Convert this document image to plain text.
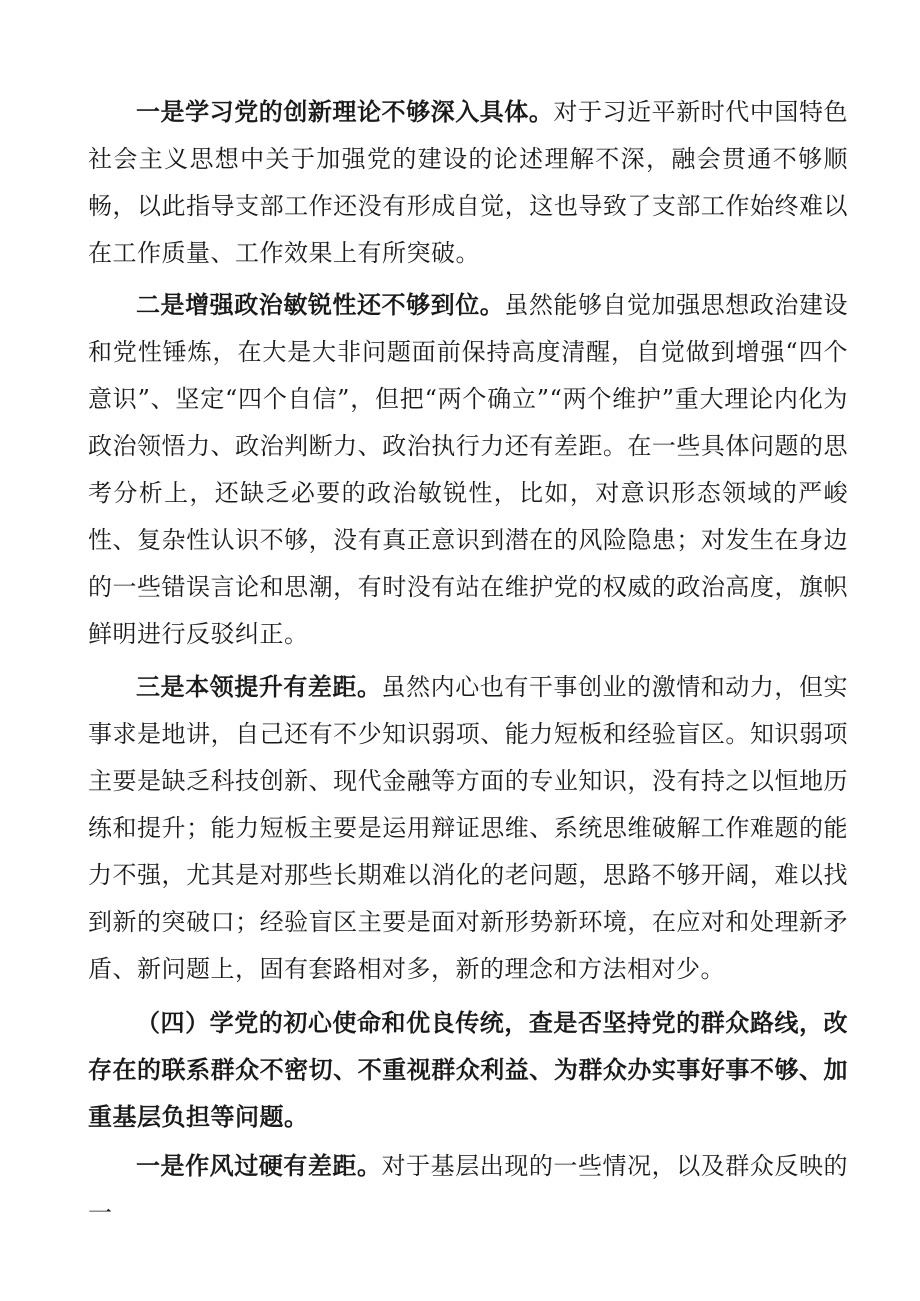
一是学习党的创新理论不够深入具体。对于习近平新时代中国特色社会主义思想中关于加强党的建设的论述理解不深，融会贯通不够顺畅，以此指导支部工作还没有形成自觉，这也导致了支部工作始终难以在工作质量、工作效果上有所突破。

二是增强政治敏锐性还不够到位。虽然能够自觉加强思想政治建设和党性锤炼，在大是大非问题面前保持高度清醒，自觉做到增强“四个意识”、坚定“四个自信”，但把“两个确立”“两个维护”重大理论内化为政治领悟力、政治判断力、政治执行力还有差距。在一些具体问题的思考分析上，还缺乏必要的政治敏锐性，比如，对意识形态领域的严峻性、复杂性认识不够，没有真正意识到潜在的风险隐患；对发生在身边的一些错误言论和思潮，有时没有站在维护党的权威的政治高度，旗帜鲜明进行反驳纠正。

三是本领提升有差距。虽然内心也有干事创业的激情和动力，但实事求是地讲，自己还有不少知识弱项、能力短板和经验盲区。知识弱项主要是缺乏科技创新、现代金融等方面的专业知识，没有持之以恒地历练和提升；能力短板主要是运用辩证思维、系统思维破解工作难题的能力不强，尤其是对那些长期难以消化的老问题，思路不够开阔，难以找到新的突破口；经验盲区主要是面对新形势新环境，在应对和处理新矛盾、新问题上，固有套路相对多，新的理念和方法相对少。

（四）学党的初心使命和优良传统，查是否坚持党的群众路线，改存在的联系群众不密切、不重视群众利益、为群众办实事好事不够、加重基层负担等问题。

一是作风过硬有差距。对于基层出现的一些情况，以及群众反映的一
